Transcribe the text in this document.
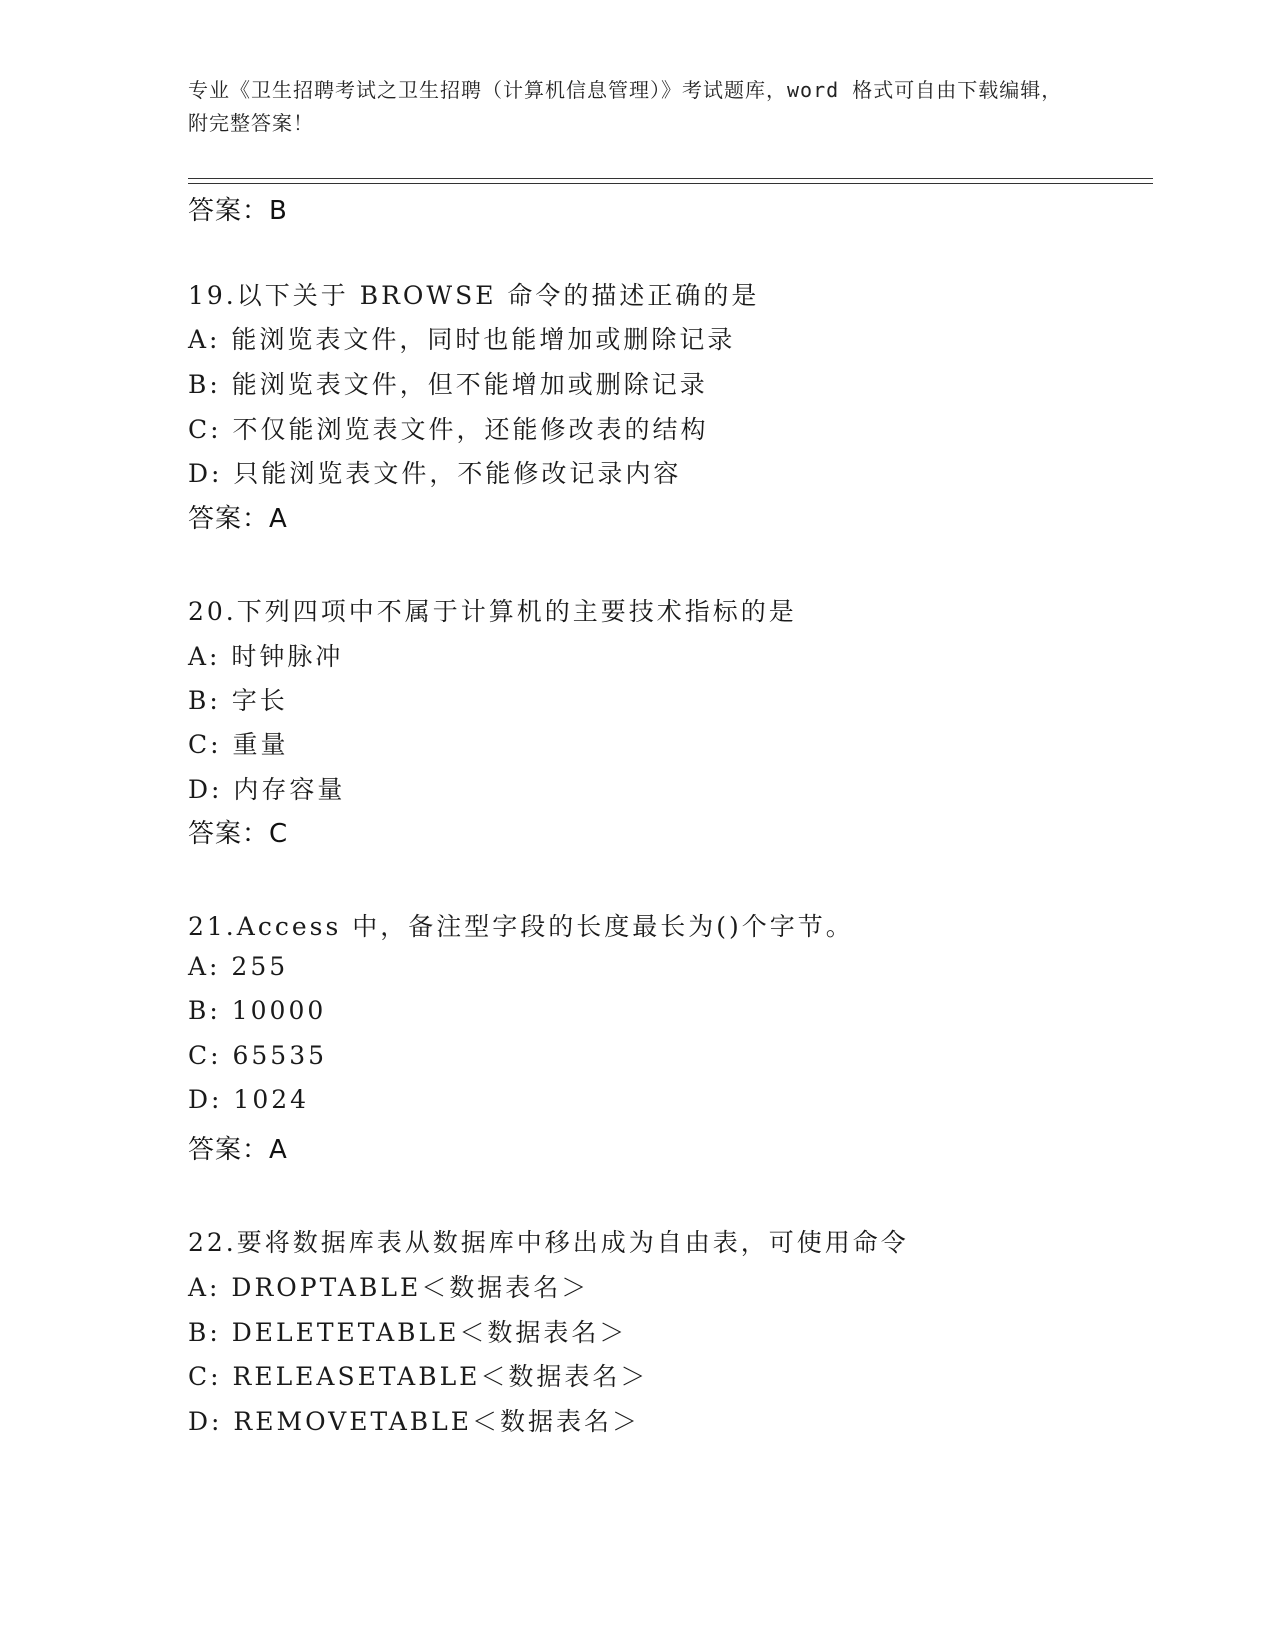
专业《卫生招聘考试之卫生招聘（计算机信息管理）》考试题库，word 格式可自由下载编辑，附完整答案！
答案：B
19.以下关于 BROWSE 命令的描述正确的是
A: 能浏览表文件，同时也能增加或删除记录
B: 能浏览表文件，但不能增加或删除记录
C: 不仅能浏览表文件，还能修改表的结构
D: 只能浏览表文件，不能修改记录内容
答案：A
20.下列四项中不属于计算机的主要技术指标的是
A: 时钟脉冲
B: 字长
C: 重量
D: 内存容量
答案：C
21.Access 中，备注型字段的长度最长为()个字节。
A: 255
B: 10000
C: 65535
D: 1024
答案：A
22.要将数据库表从数据库中移出成为自由表，可使用命令
A: DROPTABLE＜数据表名＞
B: DELETETABLE＜数据表名＞
C: RELEASETABLE＜数据表名＞
D: REMOVETABLE＜数据表名＞
